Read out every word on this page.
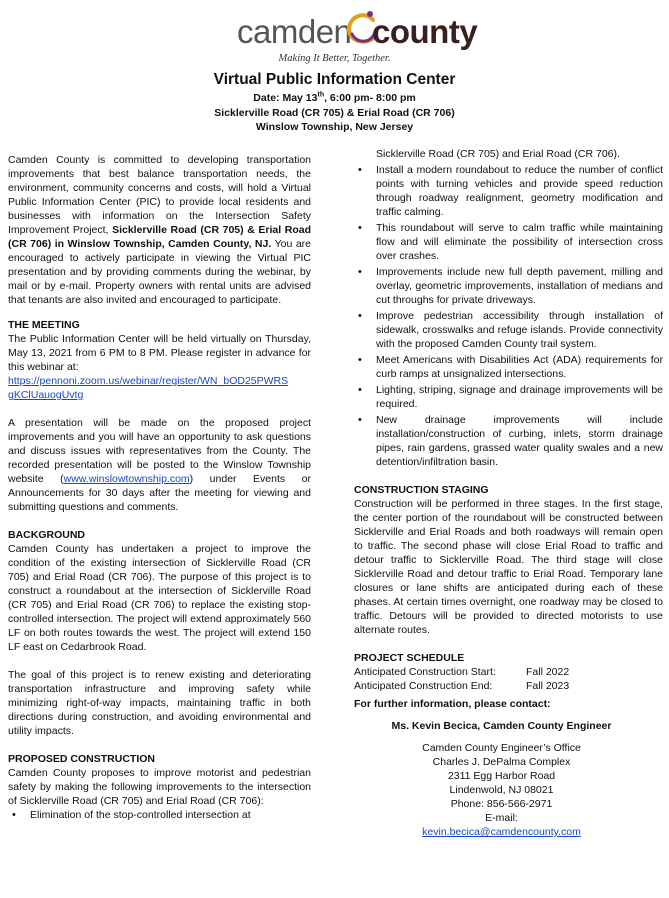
camden county
Making It Better, Together.
Virtual Public Information Center
Date: May 13th, 6:00 pm- 8:00 pm
Sicklerville Road (CR 705) & Erial Road (CR 706)
Winslow Township, New Jersey

Camden County is committed to developing transportation improvements that best balance transportation needs, the environment, community concerns and costs, will hold a Virtual Public Information Center (PIC) to provide local residents and businesses with information on the Intersection Safety Improvement Project, Sicklerville Road (CR 705) & Erial Road (CR 706) in Winslow Township, Camden County, NJ. You are encouraged to actively participate in viewing the Virtual PIC presentation and by providing comments during the webinar, by mail or by e-mail. Property owners with rental units are advised that tenants are also invited and encouraged to participate.

THE MEETING

The Public Information Center will be held virtually on Thursday, May 13, 2021 from 6 PM to 8 PM. Please register in advance for this webinar at:

https://pennoni.zoom.us/webinar/register/WN_bOD25PWRS
gKClUauogUvtg

A presentation will be made on the proposed project improvements and you will have an opportunity to ask questions and discuss issues with representatives from the County. The recorded presentation will be posted to the Winslow Township website (www.winslowtownship.com) under Events or Announcements for 30 days after the meeting for viewing and submitting questions and comments.

BACKGROUND

Camden County has undertaken a project to improve the condition of the existing intersection of Sicklerville Road (CR 705) and Erial Road (CR 706). The purpose of this project is to construct a roundabout at the intersection of Sicklerville Road (CR 705) and Erial Road (CR 706) to replace the existing stop-controlled intersection. The project will extend approximately 560 LF on both routes towards the west. The project will extend 150 LF east on Cedarbrook Road.

The goal of this project is to renew existing and deteriorating transportation infrastructure and improving safety while minimizing right-of-way impacts, maintaining traffic in both directions during construction, and avoiding environmental and utility impacts.

PROPOSED CONSTRUCTION

Camden County proposes to improve motorist and pedestrian safety by making the following improvements to the intersection of Sicklerville Road (CR 705) and Erial Road (CR 706):

• Elimination of the stop-controlled intersection at

Sicklerville Road (CR 705) and Erial Road (CR 706).

• Install a modern roundabout to reduce the number of conflict points with turning vehicles and provide speed reduction through roadway realignment, geometry modification and traffic calming.
• This roundabout will serve to calm traffic while maintaining flow and will eliminate the possibility of intersection cross over crashes.
• Improvements include new full depth pavement, milling and overlay, geometric improvements, installation of medians and cut throughs for private driveways.
• Improve pedestrian accessibility through installation of sidewalk, crosswalks and refuge islands. Provide connectivity with the proposed Camden County trail system.
• Meet Americans with Disabilities Act (ADA) requirements for curb ramps at unsignalized intersections.
• Lighting, striping, signage and drainage improvements will be required.
• New drainage improvements will include installation/construction of curbing, inlets, storm drainage pipes, rain gardens, grassed water quality swales and a new detention/infiltration basin.

CONSTRUCTION STAGING

Construction will be performed in three stages. In the first stage, the center portion of the roundabout will be constructed between Sicklerville and Erial Roads and both roadways will remain open to traffic. The second phase will close Erial Road to traffic and detour traffic to Sicklerville Road. The third stage will close Sicklerville Road and detour traffic to Erial Road. Temporary lane closures or lane shifts are anticipated during each of these phases. At certain times overnight, one roadway may be closed to traffic. Detours will be provided to directed motorists to use alternate routes.

PROJECT SCHEDULE

Anticipated Construction Start:	Fall 2022
Anticipated Construction End:	Fall 2023

For further information, please contact:

Ms. Kevin Becica, Camden County Engineer

Camden County Engineer’s Office
Charles J. DePalma Complex
2311 Egg Harbor Road
Lindenwold, NJ 08021
Phone: 856-566-2971
E-mail:
kevin.becica@camdencounty.com
